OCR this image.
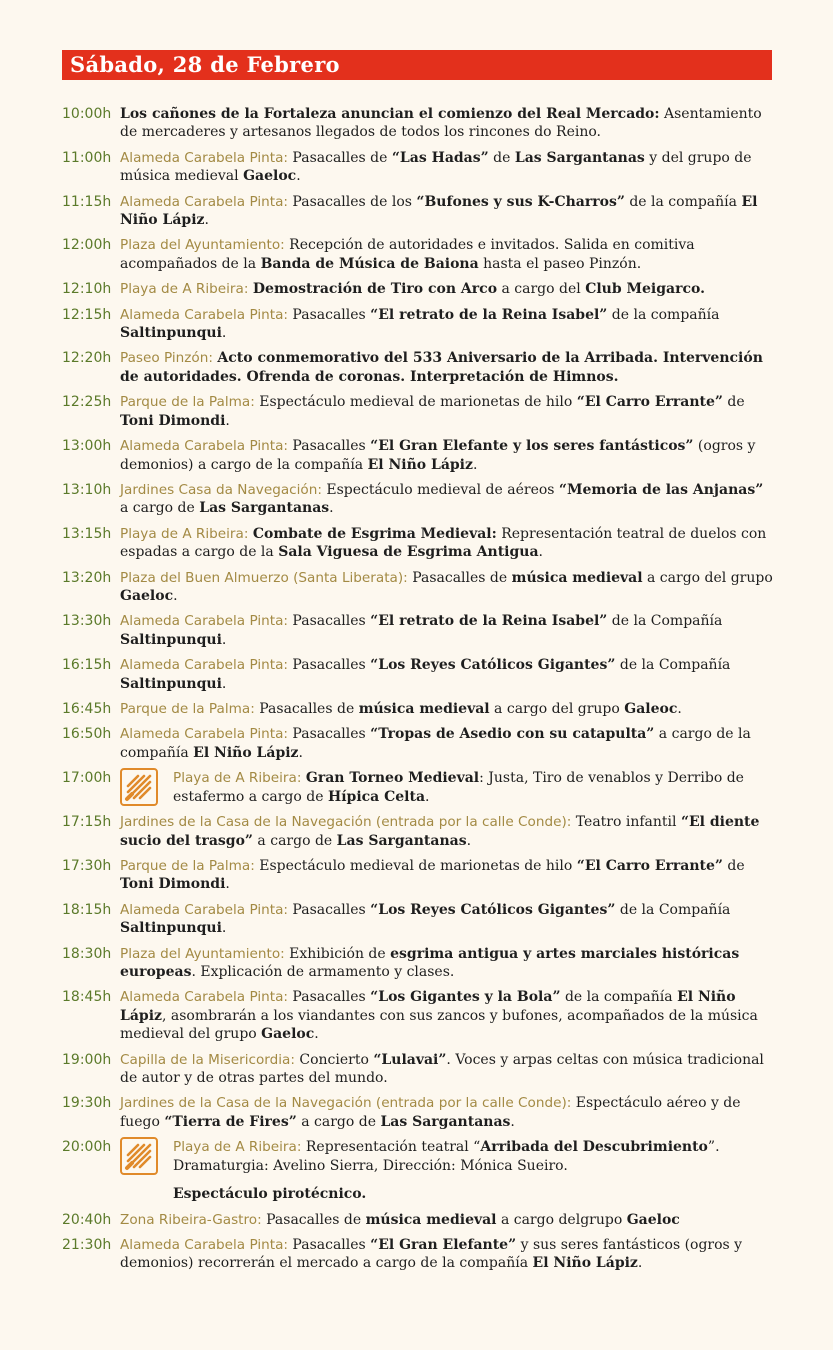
Sábado, 28 de Febrero
10:00h Los cañones de la Fortaleza anuncian el comienzo del Real Mercado: Asentamiento de mercaderes y artesanos llegados de todos los rincones do Reino.
11:00h Alameda Carabela Pinta: Pasacalles de “Las Hadas” de Las Sargantanas y del grupo de música medieval Gaeloc.
11:15h Alameda Carabela Pinta: Pasacalles de los “Bufones y sus K-Charros” de la compañía El Niño Lápiz.
12:00h Plaza del Ayuntamiento: Recepción de autoridades e invitados. Salida en comitiva acompañados de la Banda de Música de Baiona hasta el paseo Pinzón.
12:10h Playa de A Ribeira: Demostración de Tiro con Arco a cargo del Club Meigarco.
12:15h Alameda Carabela Pinta: Pasacalles “El retrato de la Reina Isabel” de la compañía Saltinpunqui.
12:20h Paseo Pinzón: Acto conmemorativo del 533 Aniversario de la Arribada. Intervención de autoridades. Ofrenda de coronas. Interpretación de Himnos.
12:25h Parque de la Palma: Espectáculo medieval de marionetas de hilo “El Carro Errante” de Toni Dimondi.
13:00h Alameda Carabela Pinta: Pasacalles “El Gran Elefante y los seres fantásticos” (ogros y demonios) a cargo de la compañía El Niño Lápiz.
13:10h Jardines Casa da Navegación: Espectáculo medieval de aéreos “Memoria de las Anjanas” a cargo de Las Sargantanas.
13:15h Playa de A Ribeira: Combate de Esgrima Medieval: Representación teatral de duelos con espadas a cargo de la Sala Viguesa de Esgrima Antigua.
13:20h Plaza del Buen Almuerzo (Santa Liberata): Pasacalles de música medieval a cargo del grupo Gaeloc.
13:30h Alameda Carabela Pinta: Pasacalles “El retrato de la Reina Isabel” de la Compañía Saltinpunqui.
16:15h Alameda Carabela Pinta: Pasacalles “Los Reyes Católicos Gigantes” de la Compañía Saltinpunqui.
16:45h Parque de la Palma: Pasacalles de música medieval a cargo del grupo Galeoc.
16:50h Alameda Carabela Pinta: Pasacalles “Tropas de Asedio con su catapulta” a cargo de la compañía El Niño Lápiz.
17:00h	Playa de A Ribeira: Gran Torneo Medieval: Justa, Tiro de venablos y Derribo de estafermo a cargo de Hípica Celta.
17:15h Jardines de la Casa de la Navegación (entrada por la calle Conde): Teatro infantil “El diente sucio del trasgo” a cargo de Las Sargantanas.
17:30h Parque de la Palma: Espectáculo medieval de marionetas de hilo “El Carro Errante” de Toni Dimondi.
18:15h Alameda Carabela Pinta: Pasacalles “Los Reyes Católicos Gigantes” de la Compañía Saltinpunqui.
18:30h Plaza del Ayuntamiento: Exhibición de esgrima antigua y artes marciales históricas europeas. Explicación de armamento y clases.
18:45h Alameda Carabela Pinta: Pasacalles “Los Gigantes y la Bola” de la compañía El Niño Lápiz, asombrarán a los viandantes con sus zancos y bufones, acompañados de la música medieval del grupo Gaeloc.
19:00h Capilla de la Misericordia: Concierto “Lulavai”. Voces y arpas celtas con música tradicional de autor y de otras partes del mundo.
19:30h Jardines de la Casa de la Navegación (entrada por la calle Conde): Espectáculo aéreo y de fuego “Tierra de Fires” a cargo de Las Sargantanas.
20:00h	Playa de A Ribeira: Representación teatral “Arribada del Descubrimiento”. Dramaturgia: Avelino Sierra, Dirección: Mónica Sueiro.
Espectáculo pirotécnico.
20:40h Zona Ribeira-Gastro: Pasacalles de música medieval a cargo delgrupo Gaeloc
21:30h Alameda Carabela Pinta: Pasacalles “El Gran Elefante” y sus seres fantásticos (ogros y demonios) recorrerán el mercado a cargo de la compañía El Niño Lápiz.
